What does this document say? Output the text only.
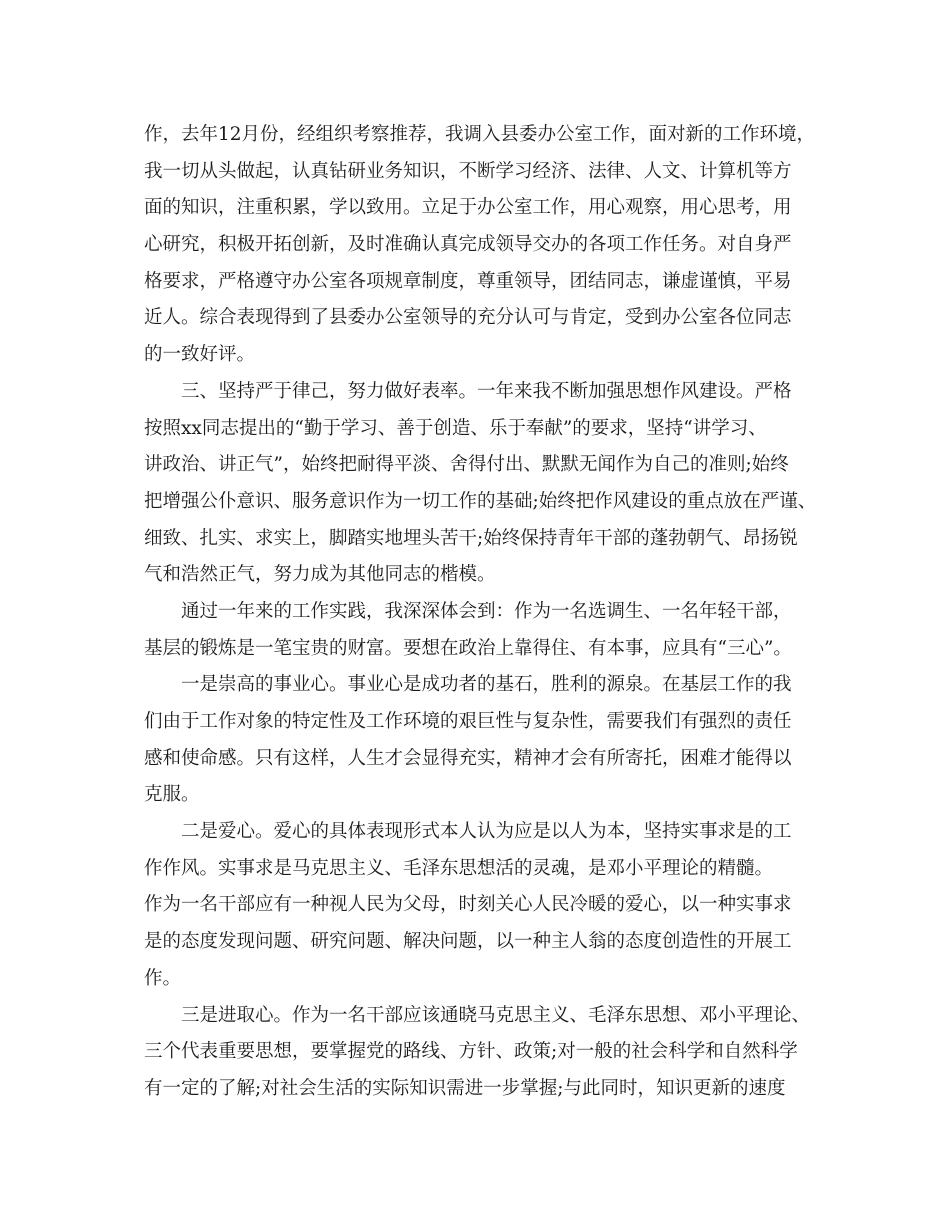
作，去年12月份，经组织考察推荐，我调入县委办公室工作，面对新的工作环境，
我一切从头做起，认真钻研业务知识，不断学习经济、法律、人文、计算机等方
面的知识，注重积累，学以致用。立足于办公室工作，用心观察，用心思考，用
心研究，积极开拓创新，及时准确认真完成领导交办的各项工作任务。对自身严
格要求，严格遵守办公室各项规章制度，尊重领导，团结同志，谦虚谨慎，平易
近人。综合表现得到了县委办公室领导的充分认可与肯定，受到办公室各位同志
的一致好评。
三、坚持严于律己，努力做好表率。一年来我不断加强思想作风建设。严格
按照xx同志提出的“勤于学习、善于创造、乐于奉献”的要求，坚持“讲学习、
讲政治、讲正气”，始终把耐得平淡、舍得付出、默默无闻作为自己的准则;始终
把增强公仆意识、服务意识作为一切工作的基础;始终把作风建设的重点放在严谨、
细致、扎实、求实上，脚踏实地埋头苦干;始终保持青年干部的蓬勃朝气、昂扬锐
气和浩然正气，努力成为其他同志的楷模。
通过一年来的工作实践，我深深体会到：作为一名选调生、一名年轻干部，
基层的锻炼是一笔宝贵的财富。要想在政治上靠得住、有本事，应具有“三心”。
一是崇高的事业心。事业心是成功者的基石，胜利的源泉。在基层工作的我
们由于工作对象的特定性及工作环境的艰巨性与复杂性，需要我们有强烈的责任
感和使命感。只有这样，人生才会显得充实，精神才会有所寄托，困难才能得以
克服。
二是爱心。爱心的具体表现形式本人认为应是以人为本，坚持实事求是的工
作作风。实事求是马克思主义、毛泽东思想活的灵魂，是邓小平理论的精髓。
作为一名干部应有一种视人民为父母，时刻关心人民冷暖的爱心，以一种实事求
是的态度发现问题、研究问题、解决问题，以一种主人翁的态度创造性的开展工
作。
三是进取心。作为一名干部应该通晓马克思主义、毛泽东思想、邓小平理论、
三个代表重要思想，要掌握党的路线、方针、政策;对一般的社会科学和自然科学
有一定的了解;对社会生活的实际知识需进一步掌握;与此同时，知识更新的速度
